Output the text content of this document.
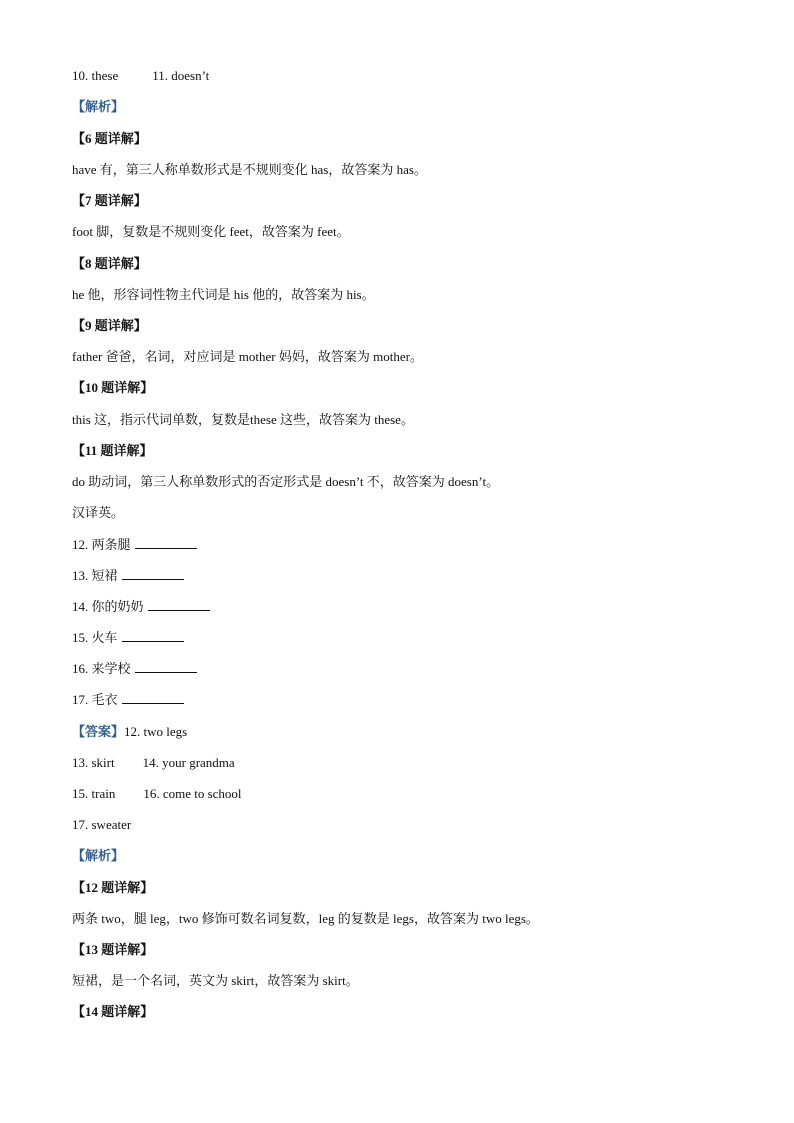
10. these	11. doesn’t
【解析】
【6 题详解】
have 有，第三人称单数形式是不规则变化 has，故答案为 has。
【7 题详解】
foot 脚，复数是不规则变化 feet，故答案为 feet。
【8 题详解】
he 他，形容词性物主代词是 his 他的，故答案为 his。
【9 题详解】
father 爸爸，名词，对应词是 mother 妈妈，故答案为 mother。
【10 题详解】
this 这，指示代词单数，复数是these 这些，故答案为 these。
【11 题详解】
do 助动词，第三人称单数形式的否定形式是 doesn’t 不，故答案为 doesn’t。
汉译英。
12. 两条腿
13. 短裙
14. 你的奶奶
15. 火车
16. 来学校
17. 毛衣
【答案】12. two legs
13. skirt 14. your grandma
15. train 16. come to school
17. sweater
【解析】
【12 题详解】
两条 two，腿 leg，two 修饰可数名词复数，leg 的复数是 legs，故答案为 two legs。
【13 题详解】
短裙，是一个名词，英文为 skirt，故答案为 skirt。
【14 题详解】
